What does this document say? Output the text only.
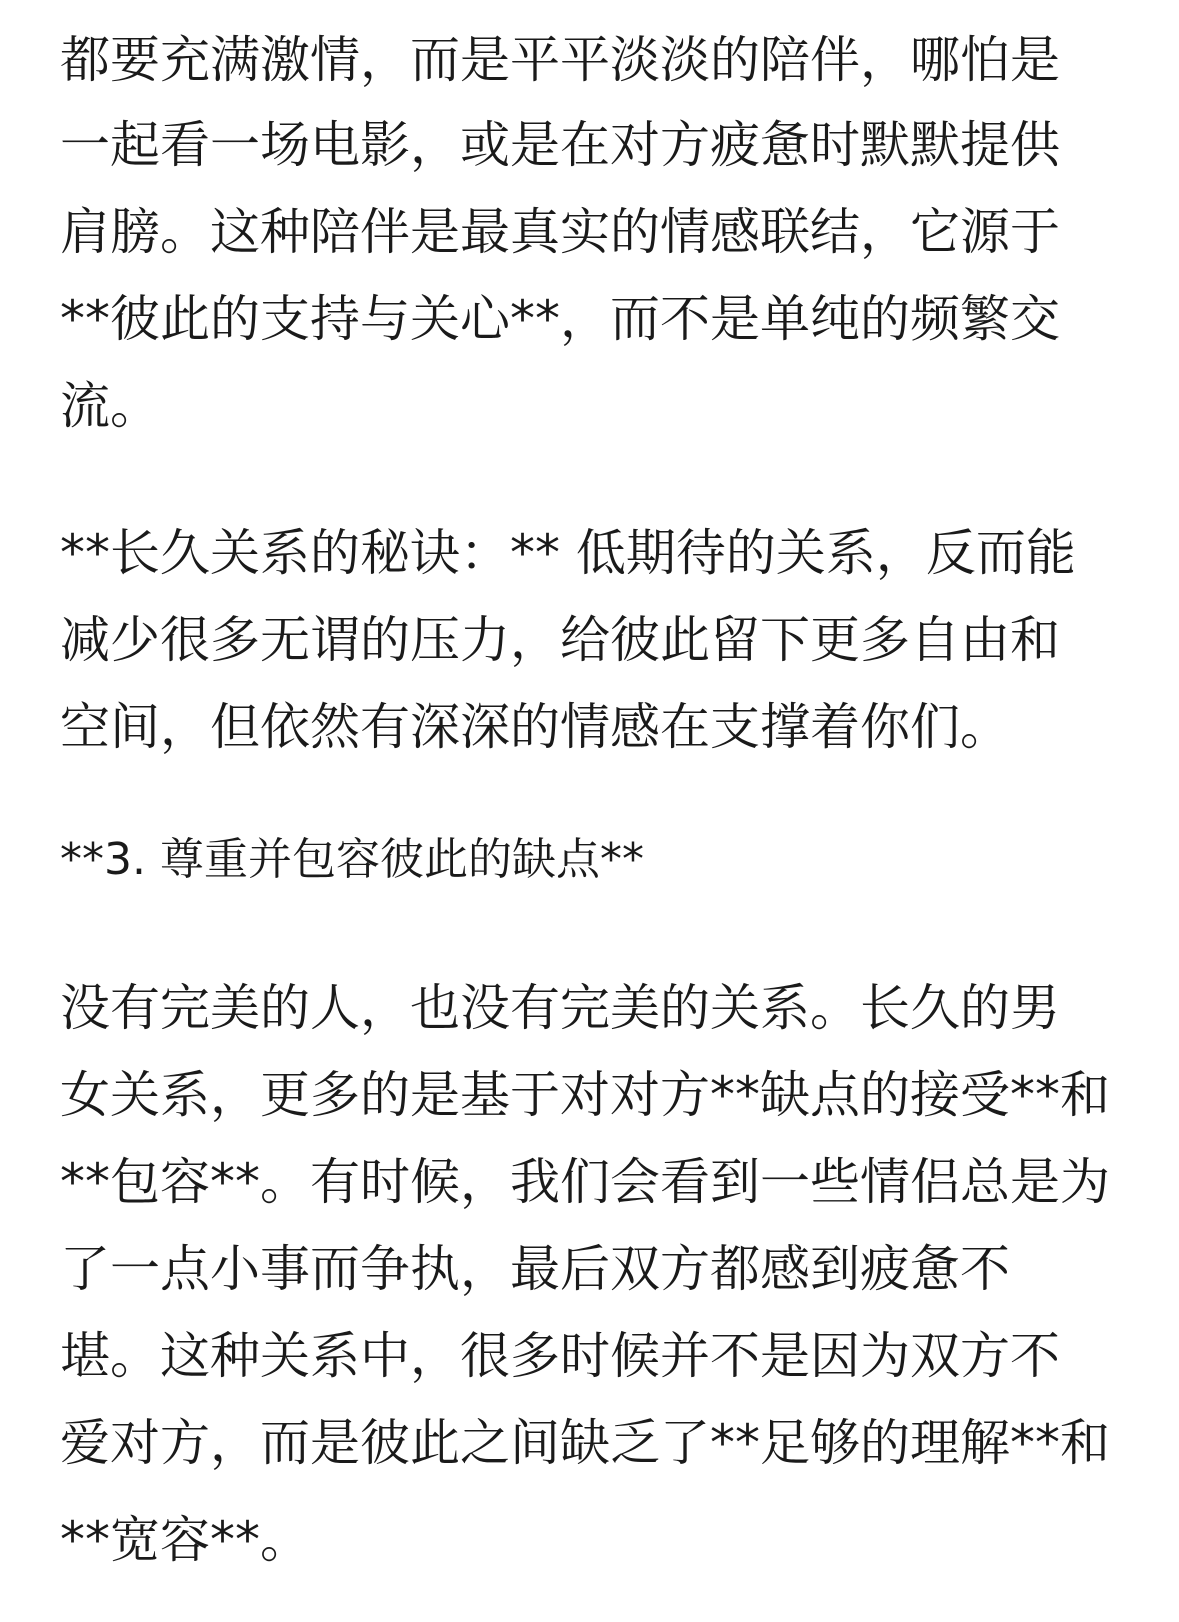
都要充满激情，而是平平淡淡的陪伴，哪怕是
一起看一场电影，或是在对方疲惫时默默提供
肩膀。这种陪伴是最真实的情感联结，它源于
**彼此的支持与关心**，而不是单纯的频繁交
流。
**长久关系的秘诀：** 低期待的关系，反而能
减少很多无谓的压力，给彼此留下更多自由和
空间，但依然有深深的情感在支撑着你们。
**3. 尊重并包容彼此的缺点**
没有完美的人，也没有完美的关系。长久的男
女关系，更多的是基于对对方**缺点的接受**和
**包容**。有时候，我们会看到一些情侣总是为
了一点小事而争执，最后双方都感到疲惫不
堪。这种关系中，很多时候并不是因为双方不
爱对方，而是彼此之间缺乏了**足够的理解**和
**宽容**。
